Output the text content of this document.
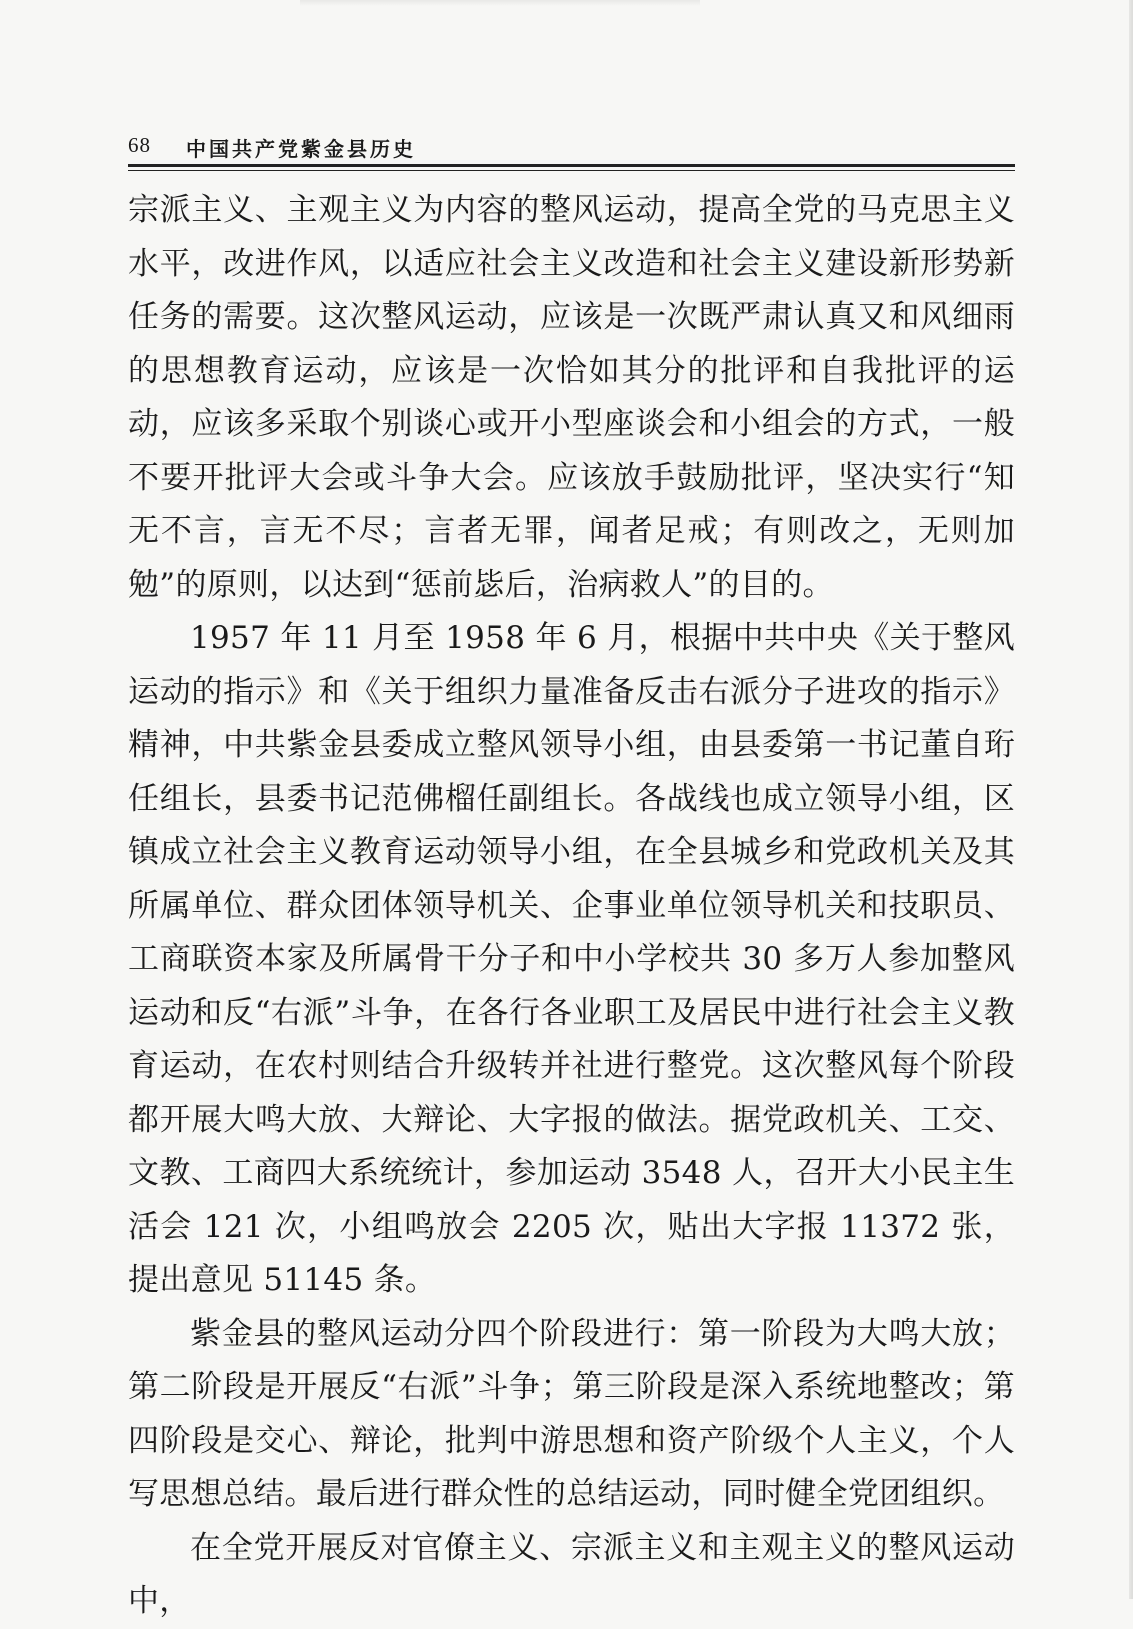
68 中国共产党紫金县历史

宗派主义、主观主义为内容的整风运动，提高全党的马克思主义水平，改进作风，以适应社会主义改造和社会主义建设新形势新任务的需要。这次整风运动，应该是一次既严肃认真又和风细雨的思想教育运动，应该是一次恰如其分的批评和自我批评的运动，应该多采取个别谈心或开小型座谈会和小组会的方式，一般不要开批评大会或斗争大会。应该放手鼓励批评，坚决实行“知无不言，言无不尽；言者无罪，闻者足戒；有则改之，无则加勉”的原则，以达到“惩前毖后，治病救人”的目的。

1957 年 11 月至 1958 年 6 月，根据中共中央《关于整风运动的指示》和《关于组织力量准备反击右派分子进攻的指示》精神，中共紫金县委成立整风领导小组，由县委第一书记董自珩任组长，县委书记范佛榴任副组长。各战线也成立领导小组，区镇成立社会主义教育运动领导小组，在全县城乡和党政机关及其所属单位、群众团体领导机关、企事业单位领导机关和技职员、工商联资本家及所属骨干分子和中小学校共 30 多万人参加整风运动和反“右派”斗争，在各行各业职工及居民中进行社会主义教育运动，在农村则结合升级转并社进行整党。这次整风每个阶段都开展大鸣大放、大辩论、大字报的做法。据党政机关、工交、文教、工商四大系统统计，参加运动 3548 人，召开大小民主生活会 121 次，小组鸣放会 2205 次，贴出大字报 11372 张，提出意见 51145 条。

紫金县的整风运动分四个阶段进行：第一阶段为大鸣大放；第二阶段是开展反“右派”斗争；第三阶段是深入系统地整改；第四阶段是交心、辩论，批判中游思想和资产阶级个人主义，个人写思想总结。最后进行群众性的总结运动，同时健全党团组织。

在全党开展反对官僚主义、宗派主义和主观主义的整风运动中，
